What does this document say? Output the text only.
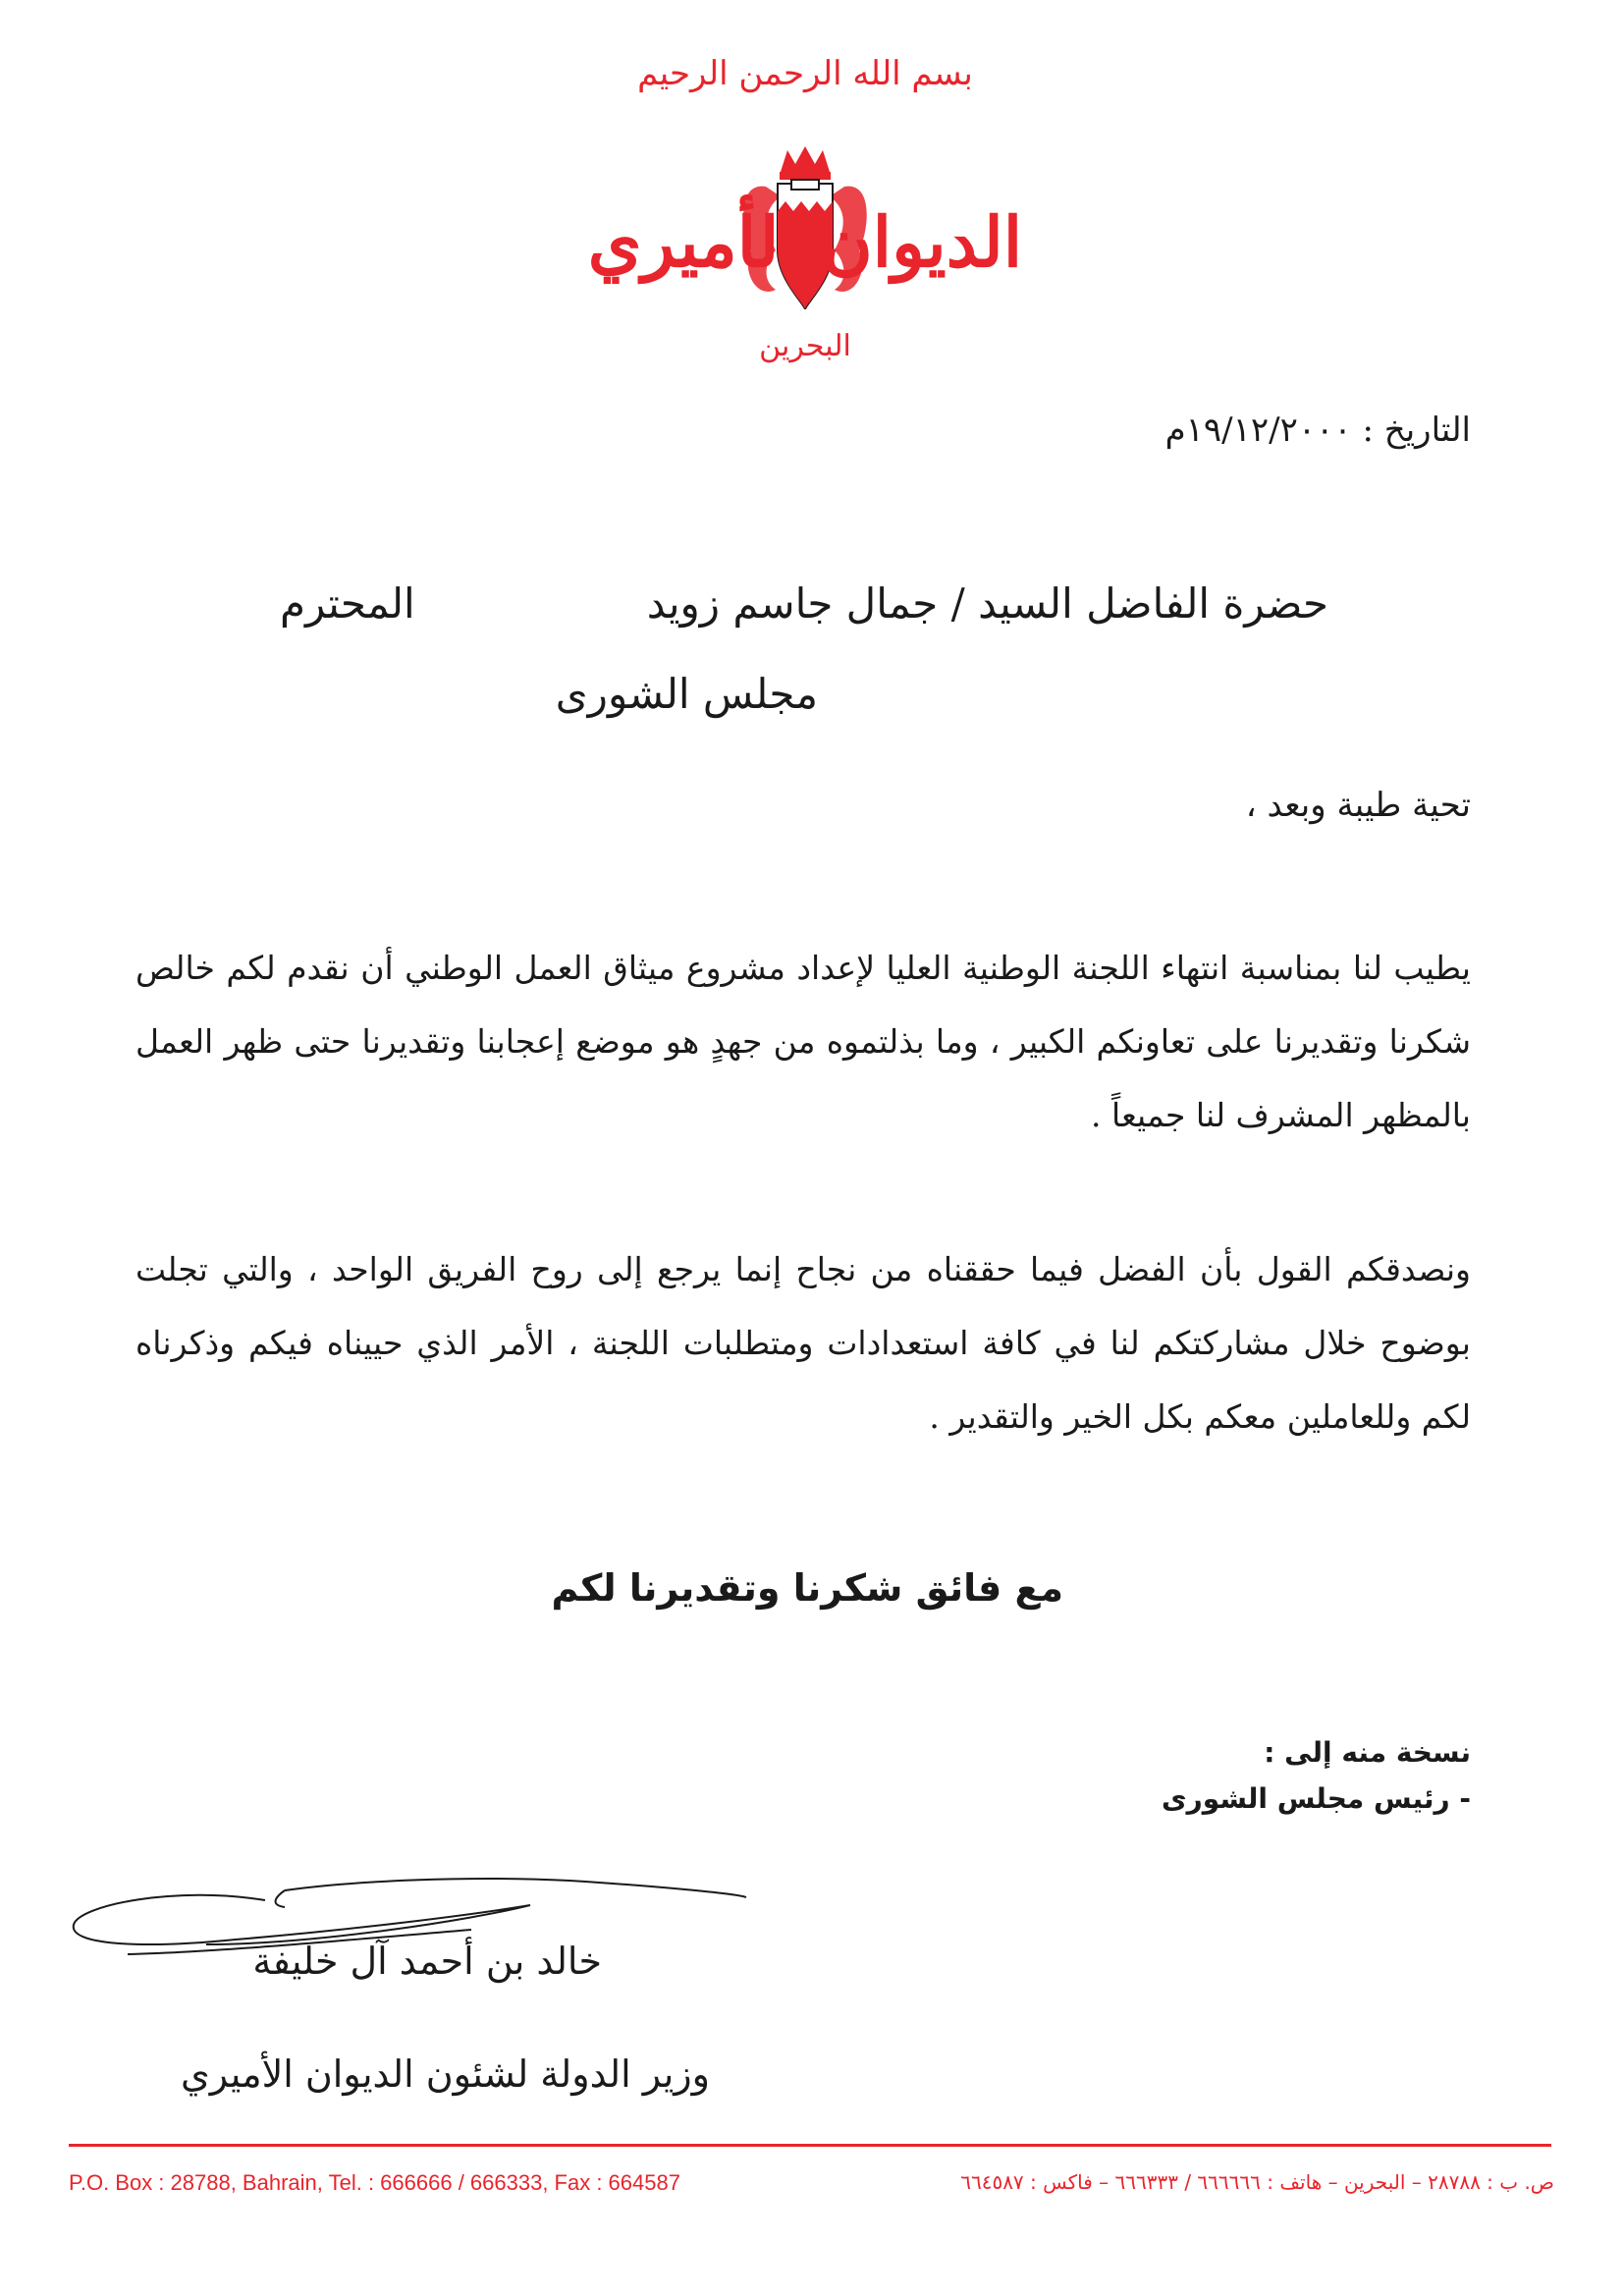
بسم الله الرحمن الرحيم
الديوان الأميري
البحرين
التاريخ : ١٩/١٢/٢٠٠٠م
حضرة الفاضل السيد / جمال جاسم زويد
المحترم
مجلس الشورى
تحية طيبة وبعد ،
يطيب لنا بمناسبة انتهاء اللجنة الوطنية العليا لإعداد مشروع ميثاق العمل الوطني أن نقدم لكم خالص شكرنا وتقديرنا على تعاونكم الكبير ، وما بذلتموه من جهدٍ هو موضع إعجابنا وتقديرنا حتى ظهر العمل بالمظهر المشرف لنا جميعاً .
ونصدقكم القول بأن الفضل فيما حققناه من نجاح إنما يرجع إلى روح الفريق الواحد ، والتي تجلت بوضوح خلال مشاركتكم لنا في كافة استعدادات ومتطلبات اللجنة ، الأمر الذي حييناه فيكم وذكرناه لكم وللعاملين معكم بكل الخير والتقدير .
مع فائق شكرنا وتقديرنا لكم
نسخة منه إلى :
- رئيس مجلس الشورى
خالد بن أحمد آل خليفة
وزير الدولة لشئون الديوان الأميري
P.O. Box : 28788, Bahrain, Tel. : 666666 / 666333, Fax : 664587	ص. ب : ٢٨٧٨٨ – البحرين – هاتف : ٦٦٦٦٦٦ / ٦٦٦٣٣٣ – فاكس : ٦٦٤٥٨٧
